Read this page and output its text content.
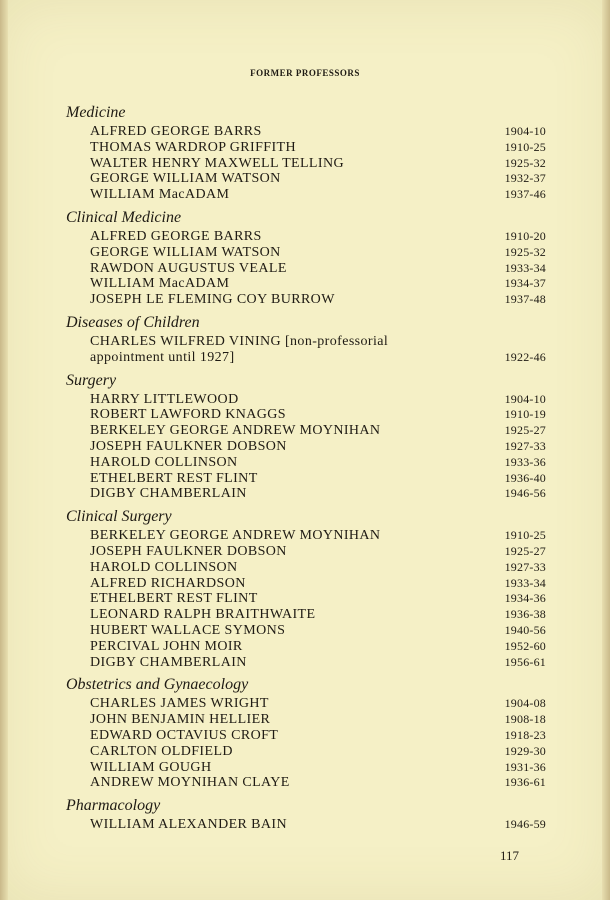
FORMER PROFESSORS
Medicine
ALFRED GEORGE BARRS	1904-10
THOMAS WARDROP GRIFFITH	1910-25
WALTER HENRY MAXWELL TELLING	1925-32
GEORGE WILLIAM WATSON	1932-37
WILLIAM MacADAM	1937-46
Clinical Medicine
ALFRED GEORGE BARRS	1910-20
GEORGE WILLIAM WATSON	1925-32
RAWDON AUGUSTUS VEALE	1933-34
WILLIAM MacADAM	1934-37
JOSEPH LE FLEMING COY BURROW	1937-48
Diseases of Children
CHARLES WILFRED VINING [non-professorial
appointment until 1927]	1922-46
Surgery
HARRY LITTLEWOOD	1904-10
ROBERT LAWFORD KNAGGS	1910-19
BERKELEY GEORGE ANDREW MOYNIHAN	1925-27
JOSEPH FAULKNER DOBSON	1927-33
HAROLD COLLINSON	1933-36
ETHELBERT REST FLINT	1936-40
DIGBY CHAMBERLAIN	1946-56
Clinical Surgery
BERKELEY GEORGE ANDREW MOYNIHAN	1910-25
JOSEPH FAULKNER DOBSON	1925-27
HAROLD COLLINSON	1927-33
ALFRED RICHARDSON	1933-34
ETHELBERT REST FLINT	1934-36
LEONARD RALPH BRAITHWAITE	1936-38
HUBERT WALLACE SYMONS	1940-56
PERCIVAL JOHN MOIR	1952-60
DIGBY CHAMBERLAIN	1956-61
Obstetrics and Gynaecology
CHARLES JAMES WRIGHT	1904-08
JOHN BENJAMIN HELLIER	1908-18
EDWARD OCTAVIUS CROFT	1918-23
CARLTON OLDFIELD	1929-30
WILLIAM GOUGH	1931-36
ANDREW MOYNIHAN CLAYE	1936-61
Pharmacology
WILLIAM ALEXANDER BAIN	1946-59
117
